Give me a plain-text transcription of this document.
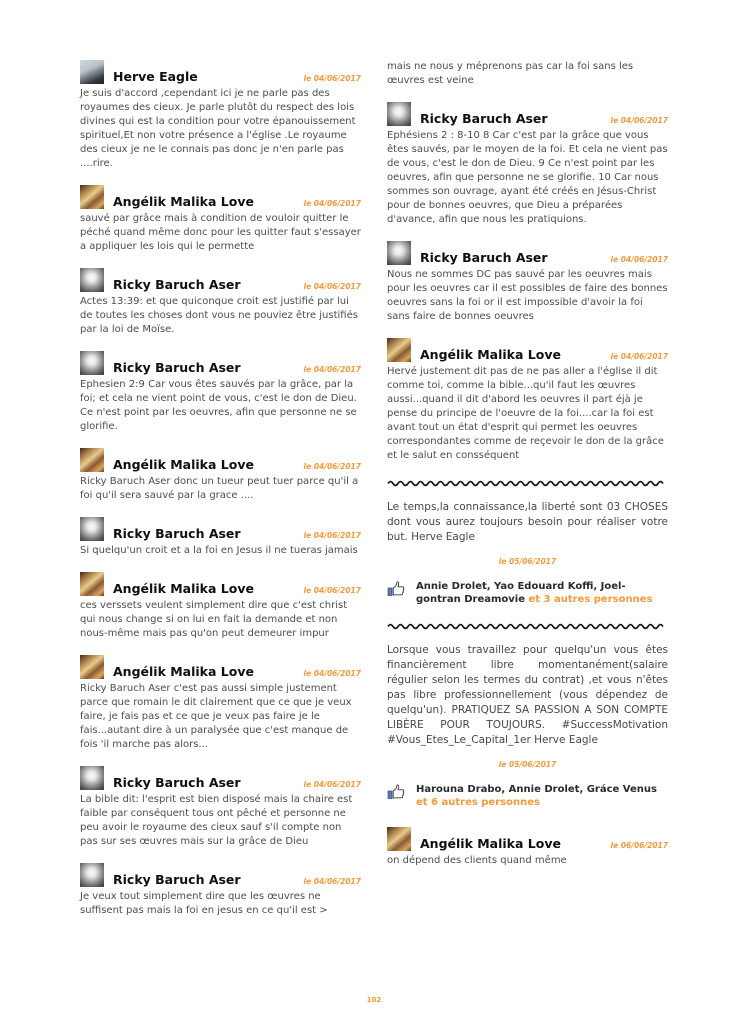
Herve Eagle	le 04/06/2017
Je suis d'accord ,cependant ici je ne parle pas des royaumes des cieux. Je parle plutôt du respect des lois divines qui est la condition pour votre épanouissement spirituel,Et non votre présence a l'église .Le royaume des cieux je ne le connais pas donc je n'en parle pas ....rire.
Angélik Malika Love	le 04/06/2017
sauvé par grâce mais à condition de vouloir quitter le péché quand même donc pour les quitter faut s'essayer a appliquer les lois qui le permette
Ricky Baruch Aser	le 04/06/2017
Actes 13:39: et que quiconque croit est justifié par lui de toutes les choses dont vous ne pouviez être justifiés par la loi de Moïse.
Ricky Baruch Aser	le 04/06/2017
Ephesien 2:9 Car vous êtes sauvés par la grâce, par la foi; et cela ne vient point de vous, c'est le don de Dieu. Ce n'est point par les oeuvres, afin que personne ne se glorifie.
Angélik Malika Love	le 04/06/2017
Ricky Baruch Aser donc un tueur peut tuer parce qu'il a foi qu'il sera sauvé par la grace ....
Ricky Baruch Aser	le 04/06/2017
Si quelqu'un croit et a la foi en Jesus il ne tueras jamais
Angélik Malika Love	le 04/06/2017
ces verssets veulent simplement dire que c'est christ qui nous change si on lui en fait la demande et non nous-même mais pas qu'on peut demeurer impur
Angélik Malika Love	le 04/06/2017
Ricky Baruch Aser c'est pas aussi simple justement parce que romain le dit clairement que ce que je veux faire, je fais pas et ce que je veux pas faire je le fais...autant dire à un paralysée que c'est manque de fois 'il marche pas alors...
Ricky Baruch Aser	le 04/06/2017
La bible dit: l'esprit est bien disposé mais la chaire est faible par conséquent tous ont pêché et personne ne peu avoir le royaume des cieux sauf s'il compte non pas sur ses œuvres mais sur la grâce de Dieu
Ricky Baruch Aser	le 04/06/2017
Je veux tout simplement dire que les œuvres ne suffisent pas mais la foi en jesus en ce qu'il est >
mais ne nous y méprenons pas car la foi sans les œuvres est veine
Ricky Baruch Aser	le 04/06/2017
Ephésiens 2 : 8-10 8 Car c'est par la grâce que vous êtes sauvés, par le moyen de la foi. Et cela ne vient pas de vous, c'est le don de Dieu. 9 Ce n'est point par les oeuvres, afin que personne ne se glorifie. 10 Car nous sommes son ouvrage, ayant été créés en Jésus-Christ pour de bonnes oeuvres, que Dieu a préparées d'avance, afin que nous les pratiquions.
Ricky Baruch Aser	le 04/06/2017
Nous ne sommes DC pas sauvé par les oeuvres mais pour les oeuvres car il est possibles de faire des bonnes oeuvres sans la foi or il est impossible d'avoir la foi sans faire de bonnes oeuvres
Angélik Malika Love	le 04/06/2017
Hervé justement dit pas de ne pas aller a l'église il dit comme toi, comme la bible...qu'il faut les œuvres aussi...quand il dit d'abord les oeuvres il part éjà je pense du principe de l'oeuvre de la foi....car la foi est avant tout un état d'esprit qui permet les oeuvres correspondantes comme de reçevoir le don de la grâce et le salut en consséquent
Le temps,la connaissance,la liberté sont 03 CHOSES dont vous aurez toujours besoin pour réaliser votre but. Herve Eagle
le 05/06/2017
Annie Drolet, Yao Edouard Koffi, Joel-gontran Dreamovie et 3 autres personnes
Lorsque vous travaillez pour quelqu'un vous êtes financièrement libre momentanément(salaire régulier selon les termes du contrat) ,et vous n'êtes pas libre professionnellement (vous dépendez de quelqu'un). PRATIQUEZ SA PASSION A SON COMPTE LIBÈRE POUR TOUJOURS. #SuccessMotivation #Vous_Etes_Le_Capital_1er Herve Eagle
le 05/06/2017
Harouna Drabo, Annie Drolet, Gráce Venus et 6 autres personnes
Angélik Malika Love	le 06/06/2017
on dépend des clients quand même
102
